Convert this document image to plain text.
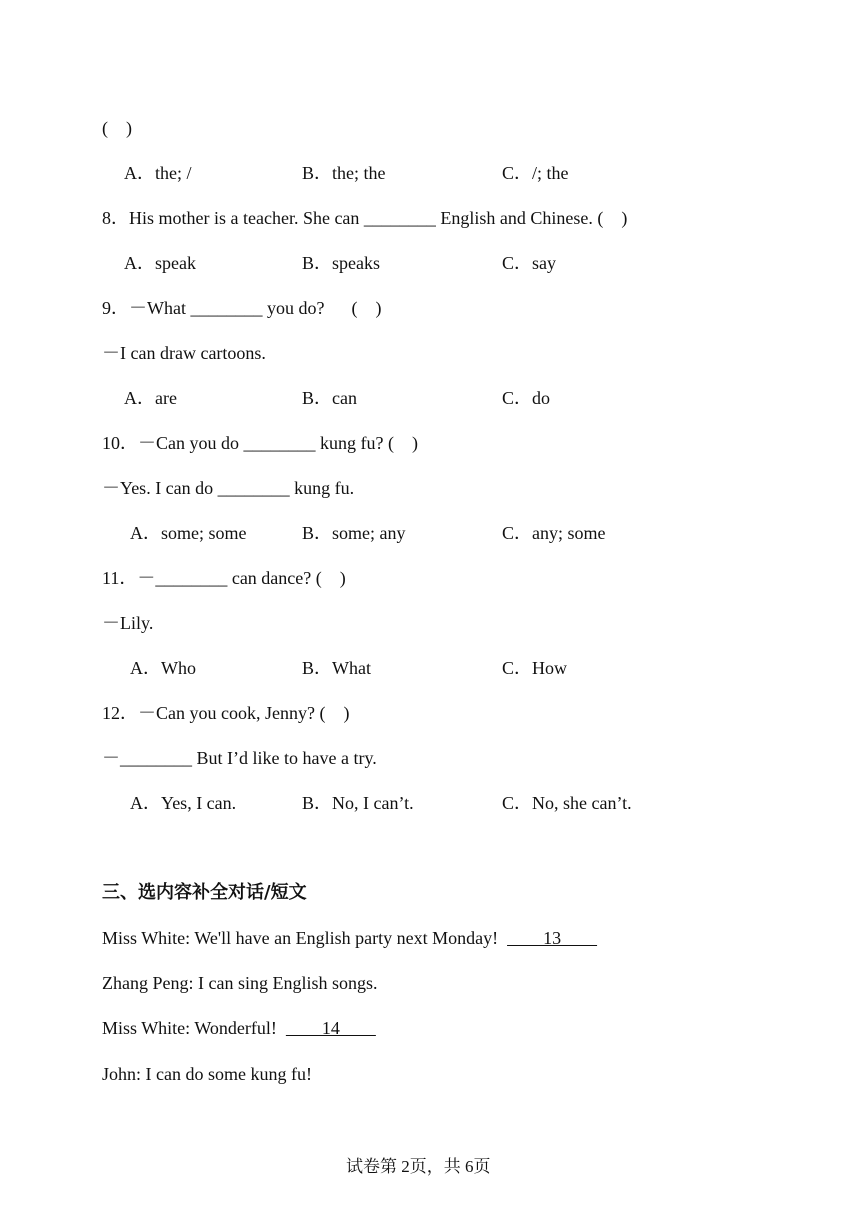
(    )
A．the; /	B．the; the	C．/; the
8．His mother is a teacher. She can ________ English and Chinese. (    )
A．speak	B．speaks	C．say
9．－What ________ you do?      (    )
－I can draw cartoons.
A．are	B．can	C．do
10．－Can you do ________ kung fu? (    )
－Yes. I can do ________ kung fu.
A．some; some	B．some; any	C．any; some
11．－________ can dance? (    )
－Lily.
A．Who	B．What	C．How
12．－Can you cook, Jenny? (    )
－________ But I’d like to have a try.
A．Yes, I can.	B．No, I can’t.	C．No, she can’t.
三、选内容补全对话/短文
Miss White: We'll have an English party next Monday!          13
Zhang Peng: I can sing English songs.
Miss White: Wonderful!          14
John: I can do some kung fu!
试卷第 2页，共 6页
